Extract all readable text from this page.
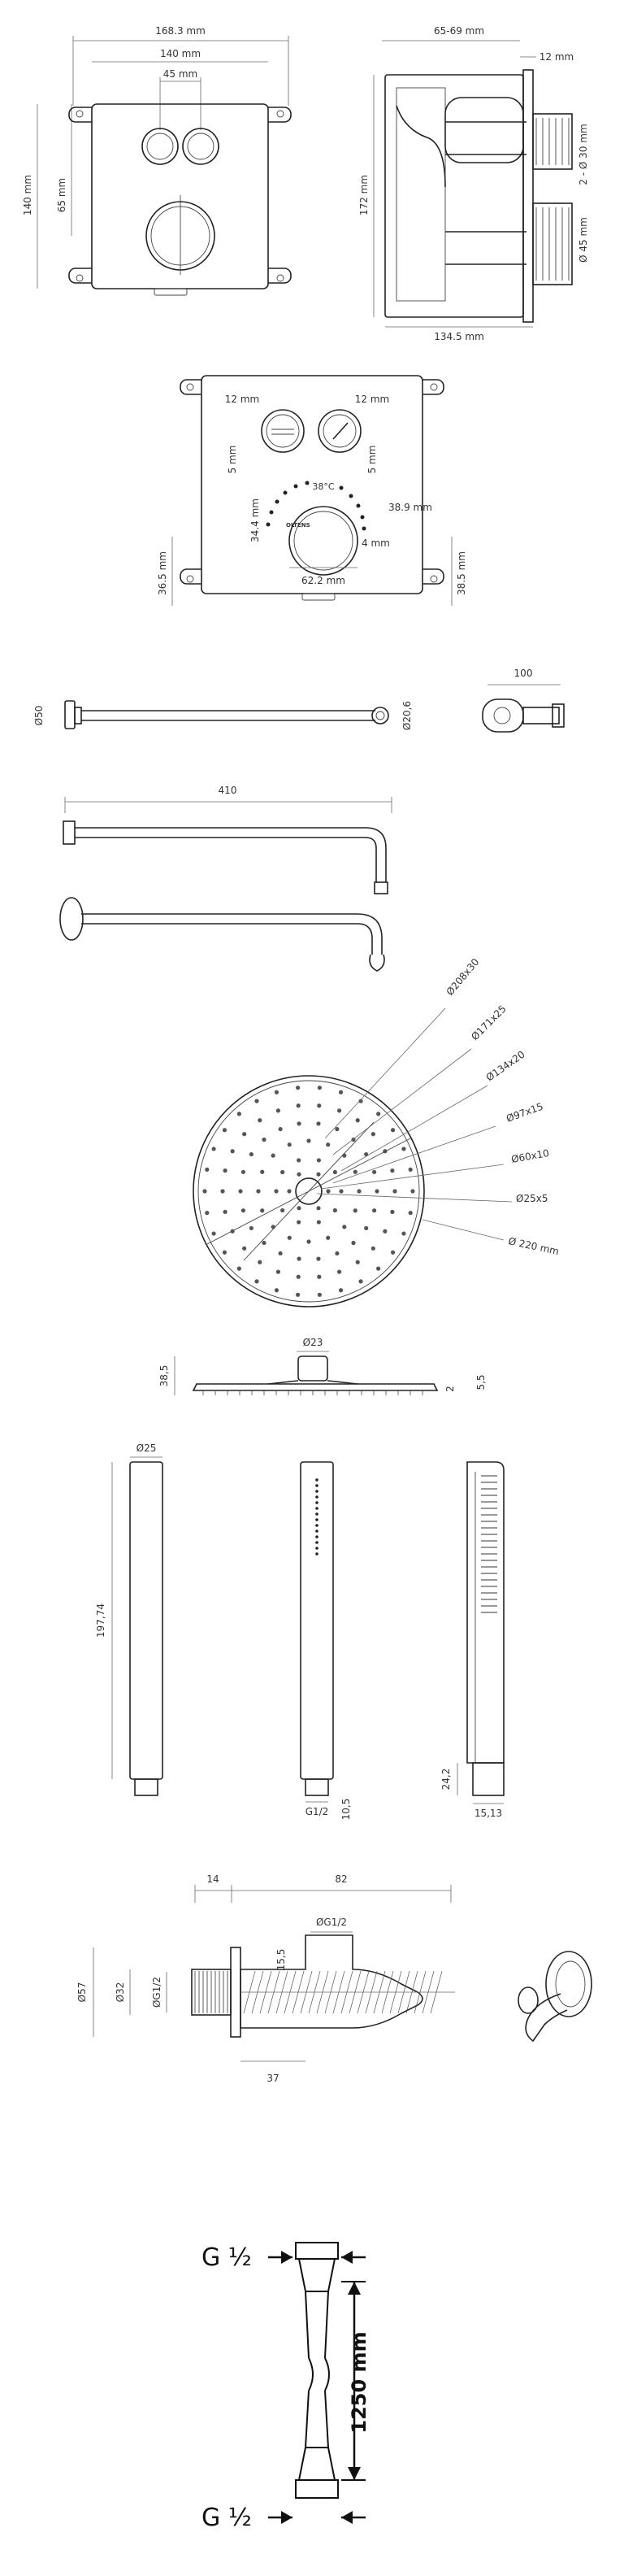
168.3 mm
140 mm
45 mm
140 mm 65 mm
65-69 mm
12 mm
172 mm
2 - Ø 30 mm
Ø 45 mm
134.5 mm
12 mm	12 mm
5 mm	5 mm
38°C
OLTENS
34.4 mm	38.9 mm
4 mm
62.2 mm
36.5 mm	38.5 mm
Ø50	Ø20,6
100
410
Ø208x30
Ø171x25
Ø134x20
Ø97x15
Ø60x10
Ø25x5
Ø 220 mm
Ø23
38,5
2 5,5
Ø25
197,74
G1/2 10,5
24,2
15,13
14	82
ØG1/2
15,5
Ø57	Ø32	ØG1/2
37
G ½
1250 mm
G ½
